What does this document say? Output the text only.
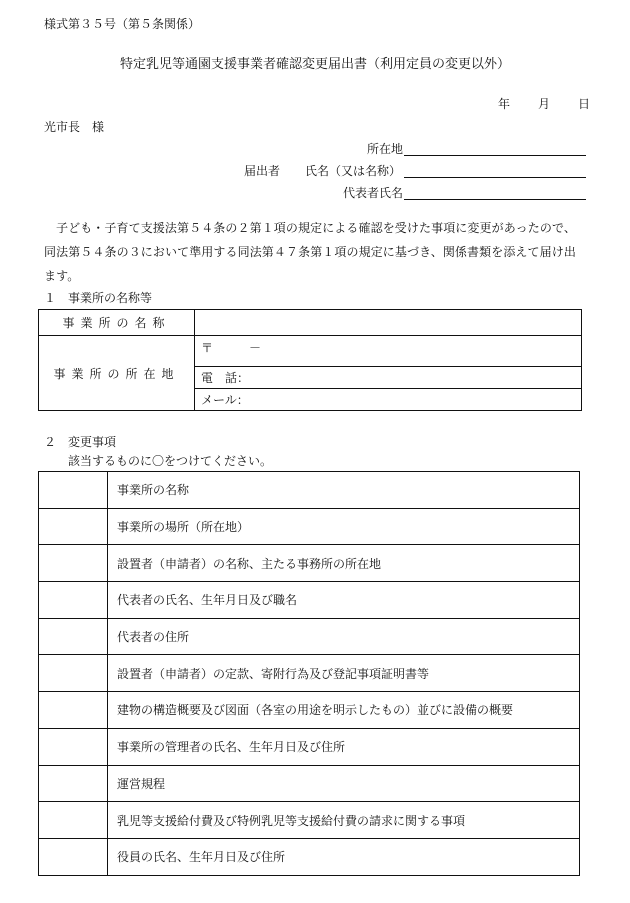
様式第３５号（第５条関係）
特定乳児等通園支援事業者確認変更届出書（利用定員の変更以外）
年 月 日
光市長　様
所在地
届出者 氏名（又は名称）
代表者氏名
子ども・子育て支援法第５４条の２第１項の規定による確認を受けた事項に変更があったので、同法第５４条の３において準用する同法第４７条第１項の規定に基づき、関係書類を添えて届け出ます。
１　事業所の名称等
事業所の名称	
事業所の所在地	〒　　　－
	電　話：
	メール：
２　変更事項
該当するものに〇をつけてください。
	事業所の名称
	事業所の場所（所在地）
	設置者（申請者）の名称、主たる事務所の所在地
	代表者の氏名、生年月日及び職名
	代表者の住所
	設置者（申請者）の定款、寄附行為及び登記事項証明書等
	建物の構造概要及び図面（各室の用途を明示したもの）並びに設備の概要
	事業所の管理者の氏名、生年月日及び住所
	運営規程
	乳児等支援給付費及び特例乳児等支援給付費の請求に関する事項
	役員の氏名、生年月日及び住所
